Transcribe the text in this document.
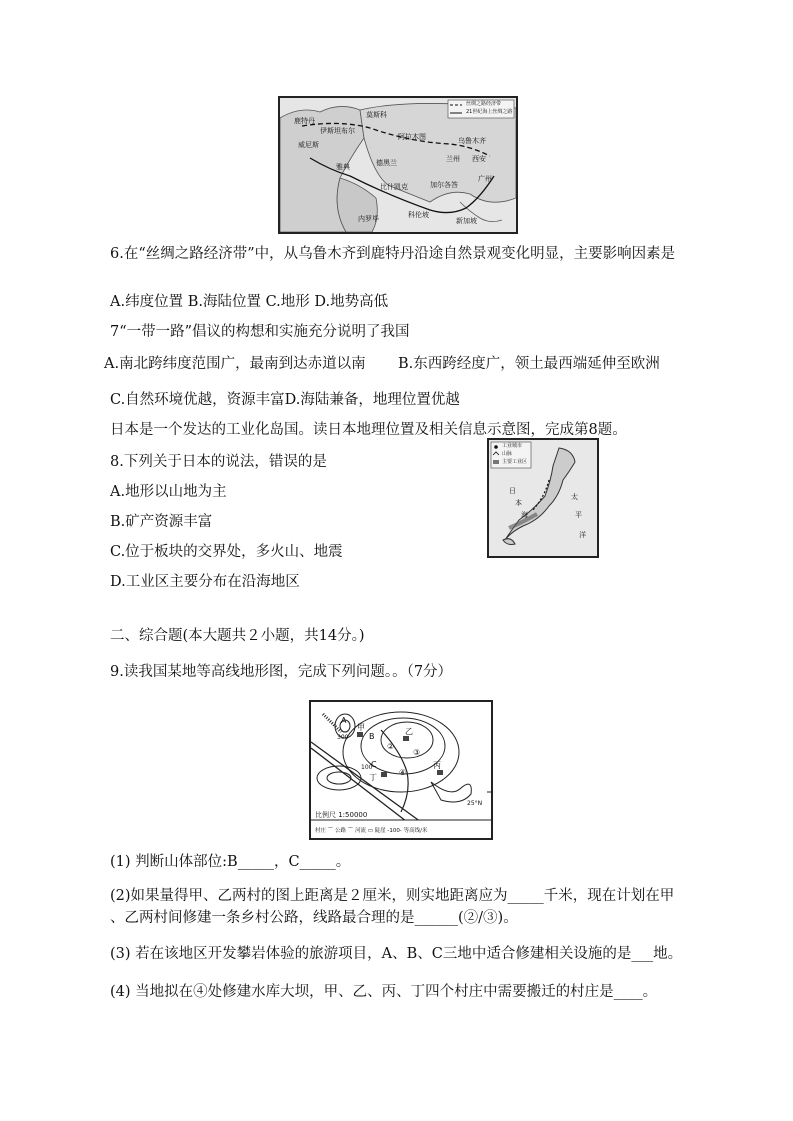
丝绸之路经济带
21世纪海上丝绸之路
莫斯科
伊斯坦布尔
威尼斯
鹿特丹
阿拉木图	乌鲁木齐
兰州 西安
德黑兰
比什凯克
广州
内罗毕	科伦坡
雅典
加尔各答
新加坡
6.在“丝绸之路经济带”中，从乌鲁木齐到鹿特丹沿途自然景观变化明显，主要影响因素是
A.纬度位置 B.海陆位置 C.地形 D.地势高低
7“一带一路”倡议的构想和实施充分说明了我国
A.南北跨纬度范围广，最南到达赤道以南 B.东西跨经度广，领土最西端延伸至欧洲
C.自然环境优越，资源丰富D.海陆兼备，地理位置优越
日本是一个发达的工业化岛国。读日本地理位置及相关信息示意图，完成第8题。
工业城市
山脉
主要工业区
太
平
洋
日
本
海
8.下列关于日本的说法，错误的是
A.地形以山地为主
B.矿产资源丰富
C.位于板块的交界处，多火山、地震
D.工业区主要分布在沿海地区
二、综合题(本大题共２小题，共14分。)
9.读我国某地等高线地形图，完成下列问题。。（7分）
A
B
C
甲	乙
丙
丁
②
③
④
300
100
25°N
比例尺 1:50000
村庄 ⌒ 公路 ⌒ 河流 ▭ 陡崖 -100- 等高线/米
(1) 判断山体部位:B_____，C_____。
(2)如果量得甲、乙两村的图上距离是２厘米，则实地距离应为_____千米，现在计划在甲
、乙两村间修建一条乡村公路，线路最合理的是______(②/③)。
(3) 若在该地区开发攀岩体验的旅游项目，A、B、C三地中适合修建相关设施的是___地。
(4) 当地拟在④处修建水库大坝，甲、乙、丙、丁四个村庄中需要搬迁的村庄是____。
